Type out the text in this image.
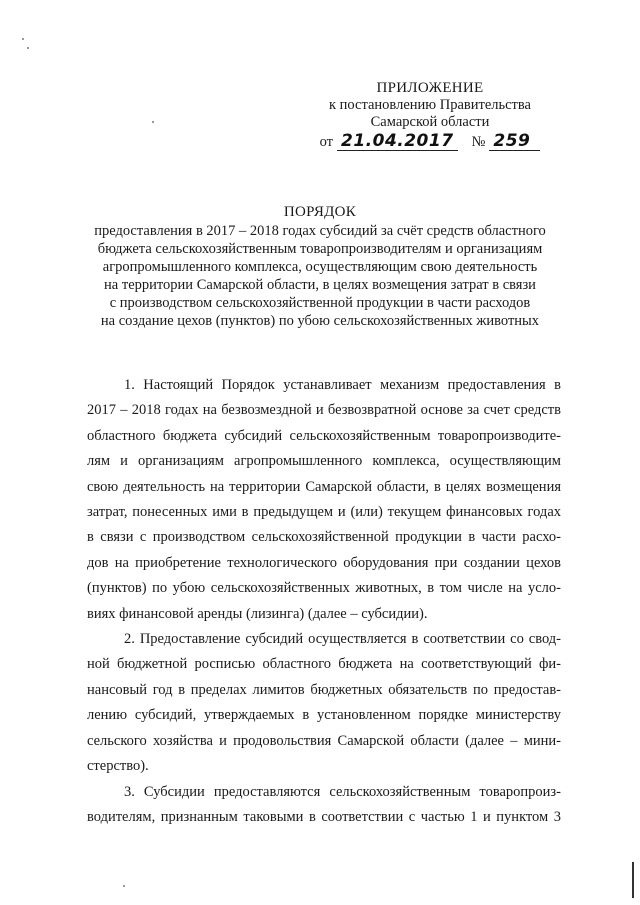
ПРИЛОЖЕНИЕ
к постановлению Правительства
Самарской области
от 21.04.2017 № 259
ПОРЯДОК
предоставления в 2017 – 2018 годах субсидий за счёт средств областного
бюджета сельскохозяйственным товаропроизводителям и организациям
агропромышленного комплекса, осуществляющим свою деятельность
на территории Самарской области, в целях возмещения затрат в связи
с производством сельскохозяйственной продукции в части расходов
на создание цехов (пунктов) по убою сельскохозяйственных животных
1. Настоящий Порядок устанавливает механизм предоставления в
2017 – 2018 годах на безвозмездной и безвозвратной основе за счет средств
областного бюджета субсидий сельскохозяйственным товаропроизводите-
лям и организациям агропромышленного комплекса, осуществляющим
свою деятельность на территории Самарской области, в целях возмещения
затрат, понесенных ими в предыдущем и (или) текущем финансовых годах
в связи с производством сельскохозяйственной продукции в части расхо-
дов на приобретение технологического оборудования при создании цехов
(пунктов) по убою сельскохозяйственных животных, в том числе на усло-
виях финансовой аренды (лизинга) (далее – субсидии).
2. Предоставление субсидий осуществляется в соответствии со свод-
ной бюджетной росписью областного бюджета на соответствующий фи-
нансовый год в пределах лимитов бюджетных обязательств по предостав-
лению субсидий, утверждаемых в установленном порядке министерству
сельского хозяйства и продовольствия Самарской области (далее – мини-
стерство).
3. Субсидии предоставляются сельскохозяйственным товаропроиз-
водителям, признанным таковыми в соответствии с частью 1 и пунктом 3
